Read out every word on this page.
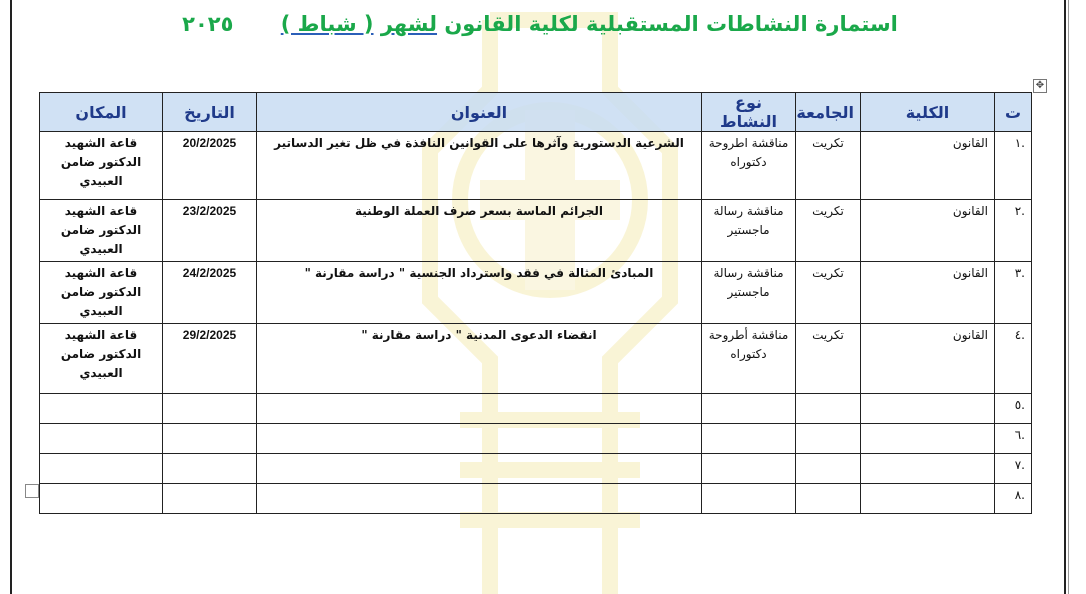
استمارة النشاطات المستقبلية لكلية القانون لشهر ( شباط ) ٢٠٢٥
✥
ت	الكلية	الجامعة	نوع النشاط	العنوان	التاريخ	المكان
.١	القانون	تكريت	مناقشة اطروحة دكتوراه	الشرعية الدستورية وآثرها على القوانين النافذة في ظل تغير الدساتير	20/2/2025	قاعة الشهيد الدكتور ضامن العبيدي
.٢	القانون	تكريت	مناقشة رسالة ماجستير	الجرائم الماسة بسعر صرف العملة الوطنية	23/2/2025	قاعة الشهيد الدكتور ضامن العبيدي
.٣	القانون	تكريت	مناقشة رسالة ماجستير	المبادئ المثالة في فقد واسترداد الجنسية " دراسة مقارنة "	24/2/2025	قاعة الشهيد الدكتور ضامن العبيدي
.٤	القانون	تكريت	مناقشة أطروحة دكتوراه	انقضاء الدعوى المدنية " دراسة مقارنة "	29/2/2025	قاعة الشهيد الدكتور ضامن العبيدي
.٥						
.٦						
.٧						
.٨						
